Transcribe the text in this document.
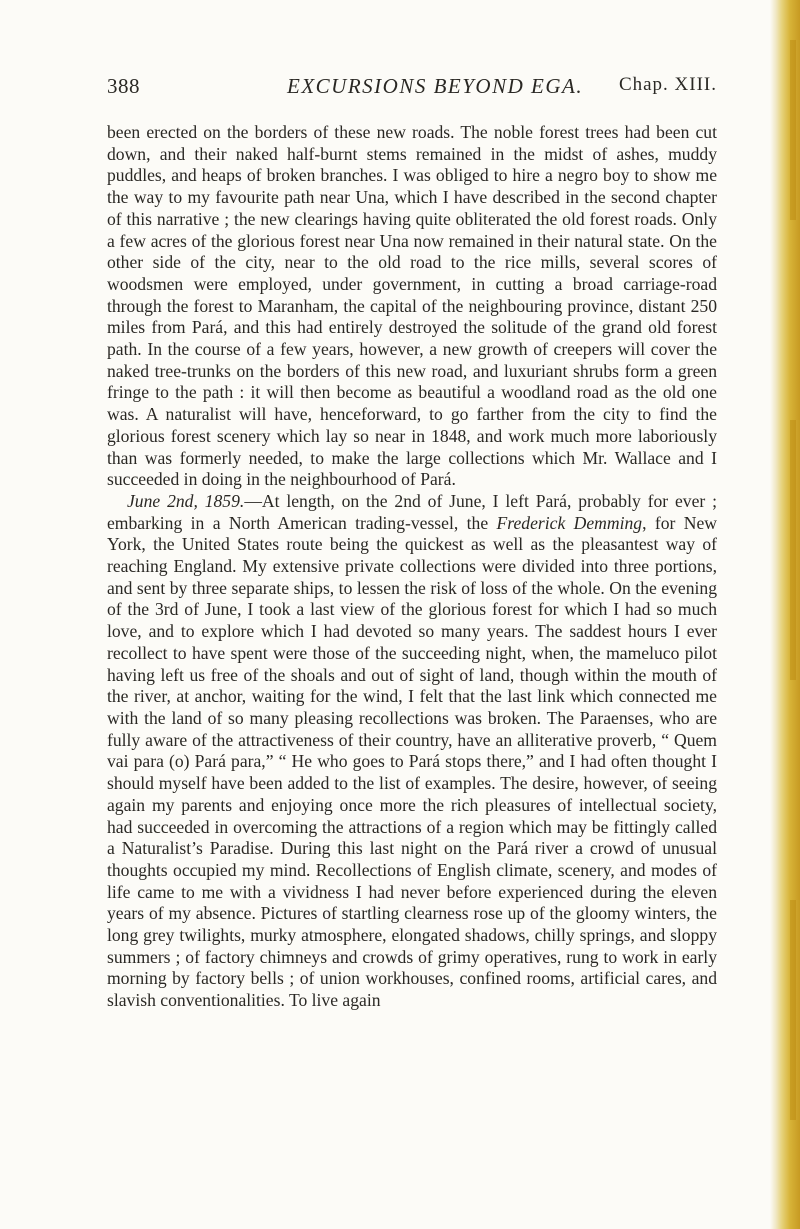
388	EXCURSIONS BEYOND EGA. Chap. XIII.

been erected on the borders of these new roads. The noble forest trees had been cut down, and their naked half-burnt stems remained in the midst of ashes, muddy puddles, and heaps of broken branches. I was obliged to hire a negro boy to show me the way to my favourite path near Una, which I have described in the second chapter of this narrative ; the new clearings having quite obliterated the old forest roads. Only a few acres of the glorious forest near Una now remained in their natural state. On the other side of the city, near to the old road to the rice mills, several scores of woodsmen were employed, under government, in cutting a broad carriage-road through the forest to Maranham, the capital of the neighbouring province, distant 250 miles from Pará, and this had entirely destroyed the solitude of the grand old forest path. In the course of a few years, however, a new growth of creepers will cover the naked tree-trunks on the borders of this new road, and luxuriant shrubs form a green fringe to the path : it will then become as beautiful a woodland road as the old one was. A naturalist will have, henceforward, to go farther from the city to find the glorious forest scenery which lay so near in 1848, and work much more laboriously than was formerly needed, to make the large collections which Mr. Wallace and I succeeded in doing in the neighbourhood of Pará.

June 2nd, 1859.—At length, on the 2nd of June, I left Pará, probably for ever ; embarking in a North American trading-vessel, the Frederick Demming, for New York, the United States route being the quickest as well as the pleasantest way of reaching England. My extensive private collections were divided into three portions, and sent by three separate ships, to lessen the risk of loss of the whole. On the evening of the 3rd of June, I took a last view of the glorious forest for which I had so much love, and to explore which I had devoted so many years. The saddest hours I ever recollect to have spent were those of the succeeding night, when, the mameluco pilot having left us free of the shoals and out of sight of land, though within the mouth of the river, at anchor, waiting for the wind, I felt that the last link which connected me with the land of so many pleasing recollections was broken. The Paraenses, who are fully aware of the attractiveness of their country, have an alliterative proverb, “ Quem vai para (o) Pará para,” “ He who goes to Pará stops there,” and I had often thought I should myself have been added to the list of examples. The desire, however, of seeing again my parents and enjoying once more the rich pleasures of intellectual society, had succeeded in overcoming the attractions of a region which may be fittingly called a Naturalist’s Paradise. During this last night on the Pará river a crowd of unusual thoughts occupied my mind. Recollections of English climate, scenery, and modes of life came to me with a vividness I had never before experienced during the eleven years of my absence. Pictures of startling clearness rose up of the gloomy winters, the long grey twilights, murky atmosphere, elongated shadows, chilly springs, and sloppy summers ; of factory chimneys and crowds of grimy operatives, rung to work in early morning by factory bells ; of union workhouses, confined rooms, artificial cares, and slavish conventionalities. To live again
